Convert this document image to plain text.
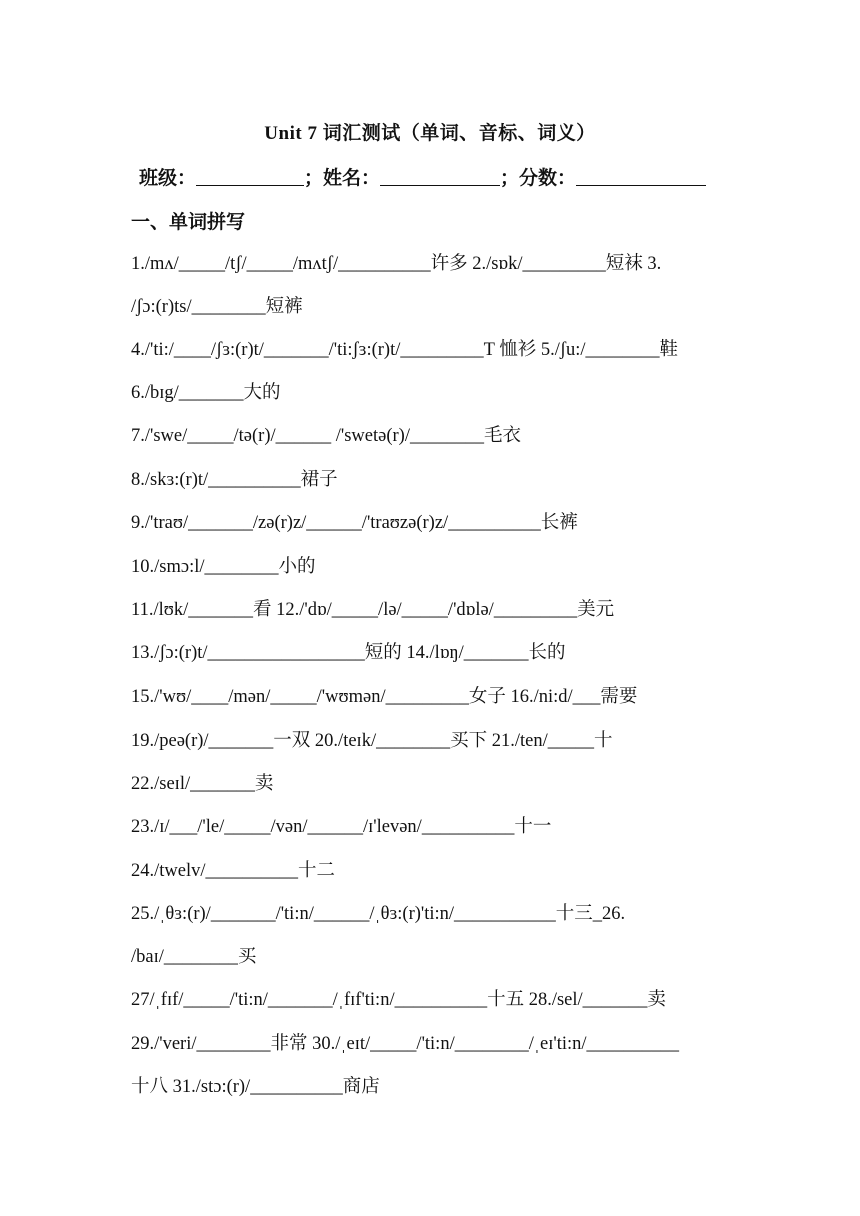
Unit 7 词汇测试（单词、音标、词义）
班级：	；姓名：	；分数：
一、单词拼写
1./mʌ/_____/tʃ/_____/mʌtʃ/__________许多 2./sɒk/_________短袜 3.
/ʃɔ:(r)ts/________短裤
4./'ti:/____/ʃɜ:(r)t/_______/'ti:ʃɜ:(r)t/_________T 恤衫 5./ʃu:/________鞋
6./bɪg/_______大的
7./'swe/_____/tə(r)/______ /'swetə(r)/________毛衣
8./skɜ:(r)t/__________裙子
9./'traʊ/_______/zə(r)z/______/'traʊzə(r)z/__________长裤
10./smɔ:l/________小的
11./lʊk/_______看 12./'dɒ/_____/lə/_____/'dɒlə/_________美元
13./ʃɔ:(r)t/_________________短的 14./lɒŋ/_______长的
15./'wʊ/____/mən/_____/'wʊmən/_________女子 16./ni:d/___需要
19./peə(r)/_______一双 20./teɪk/________买下 21./ten/_____十
22./seɪl/_______卖
23./ɪ/___/'le/_____/vən/______/ɪ'levən/__________十一
24./twelv/__________十二
25./ˌθɜ:(r)/_______/'ti:n/______/ˌθɜ:(r)'ti:n/___________十三_26.
/baɪ/________买
27/ˌfɪf/_____/'ti:n/_______/ˌfɪf'ti:n/__________十五 28./sel/_______卖
29./'veri/________非常 30./ˌeɪt/_____/'ti:n/________/ˌeɪ'ti:n/__________
十八 31./stɔ:(r)/__________商店
